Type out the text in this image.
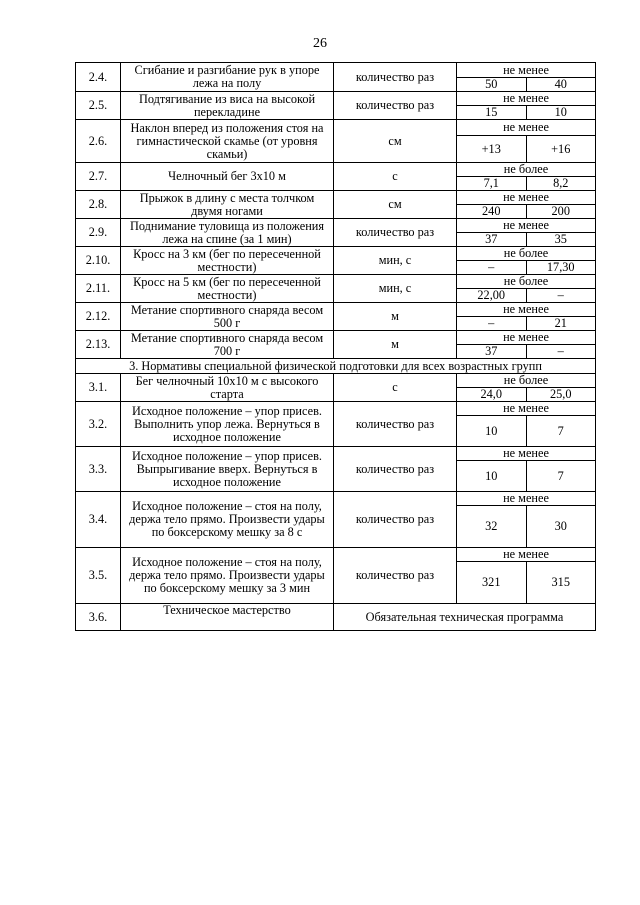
26
2.4.	Сгибание и разгибание рук в упоре лежа на полу	количество раз	не менее	
			50	40
2.5.	Подтягивание из виса на высокой перекладине	количество раз	не менее	
			15	10
2.6.	Наклон вперед из положения стоя на гимнастической скамье (от уровня скамьи)	см	не менее	
			+13	+16
2.7.	Челночный бег 3х10 м	с	не более	
			7,1	8,2
2.8.	Прыжок в длину с места толчком двумя ногами	см	не менее	
			240	200
2.9.	Поднимание туловища из положения лежа на спине (за 1 мин)	количество раз	не менее	
			37	35
2.10.	Кросс на 3 км (бег по пересеченной местности)	мин, с	не более	
			–	17,30
2.11.	Кросс на 5 км (бег по пересеченной местности)	мин, с	не более	
			22,00	–
2.12.	Метание спортивного снаряда весом 500 г	м	не менее	
			–	21
2.13.	Метание спортивного снаряда весом 700 г	м	не менее	
			37	–
3. Нормативы специальной физической подготовки для всех возрастных групп				
3.1.	Бег челночный 10х10 м с высокого старта	с	не более	
			24,0	25,0
3.2.	Исходное положение – упор присев. Выполнить упор лежа. Вернуться в исходное положение	количество раз	не менее	
			10	7
3.3.	Исходное положение – упор присев. Выпрыгивание вверх. Вернуться в исходное положение	количество раз	не менее	
			10	7
3.4.	Исходное положение – стоя на полу, держа тело прямо. Произвести удары по боксерскому мешку за 8 с	количество раз	не менее	
			32	30
3.5.	Исходное положение – стоя на полу, держа тело прямо. Произвести удары по боксерскому мешку за 3 мин	количество раз	не менее	
			321	315
3.6.	Техническое мастерство	Обязательная техническая программа		
